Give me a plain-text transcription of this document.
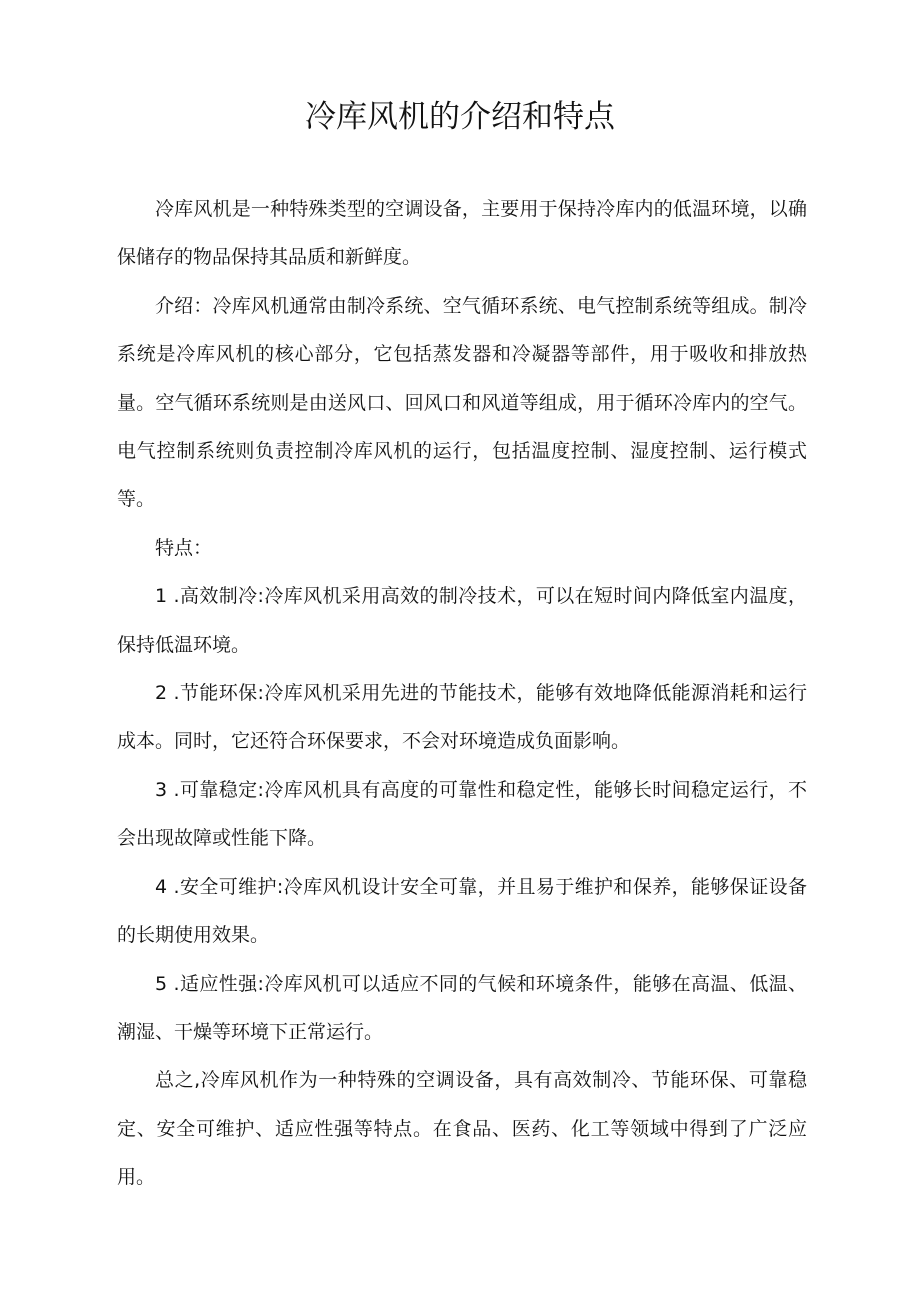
冷库风机的介绍和特点

冷库风机是一种特殊类型的空调设备，主要用于保持冷库内的低温环境，以确保储存的物品保持其品质和新鲜度。

介绍：冷库风机通常由制冷系统、空气循环系统、电气控制系统等组成。制冷系统是冷库风机的核心部分，它包括蒸发器和冷凝器等部件，用于吸收和排放热量。空气循环系统则是由送风口、回风口和风道等组成，用于循环冷库内的空气。电气控制系统则负责控制冷库风机的运行，包括温度控制、湿度控制、运行模式等。

特点：

1 .高效制冷:冷库风机采用高效的制冷技术，可以在短时间内降低室内温度，保持低温环境。

2 .节能环保:冷库风机采用先进的节能技术，能够有效地降低能源消耗和运行成本。同时，它还符合环保要求，不会对环境造成负面影响。

3 .可靠稳定:冷库风机具有高度的可靠性和稳定性，能够长时间稳定运行，不会出现故障或性能下降。

4 .安全可维护:冷库风机设计安全可靠，并且易于维护和保养，能够保证设备的长期使用效果。

5 .适应性强:冷库风机可以适应不同的气候和环境条件，能够在高温、低温、潮湿、干燥等环境下正常运行。

总之,冷库风机作为一种特殊的空调设备，具有高效制冷、节能环保、可靠稳定、安全可维护、适应性强等特点。在食品、医药、化工等领域中得到了广泛应用。
